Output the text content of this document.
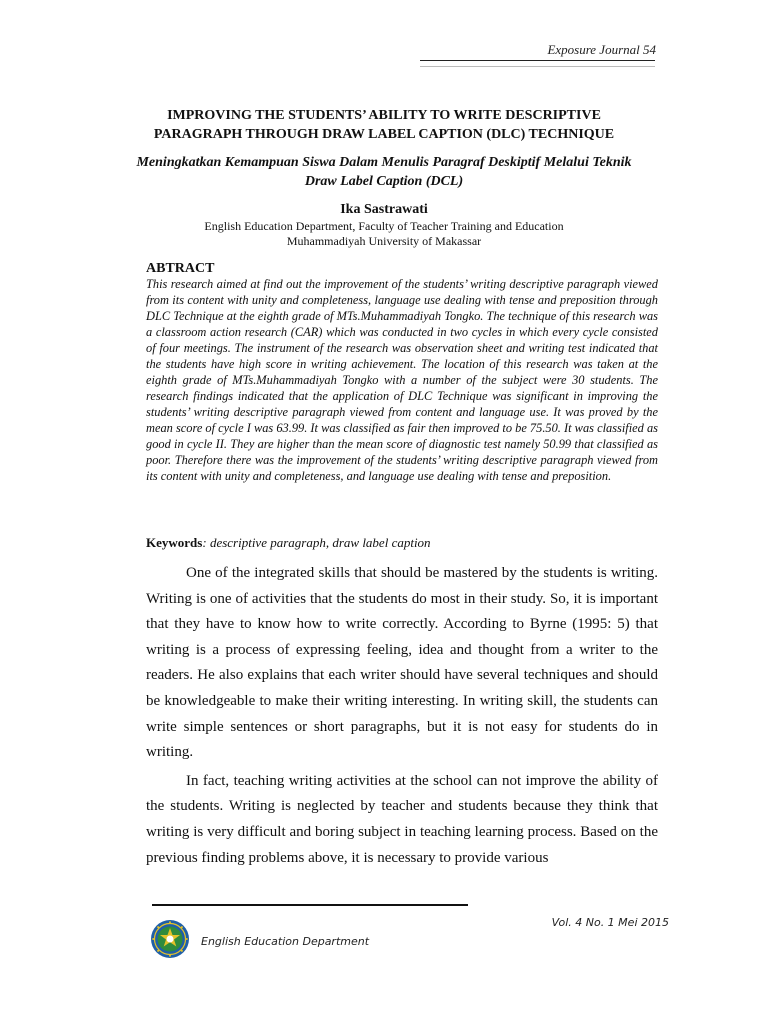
Exposure Journal 54
IMPROVING THE STUDENTS’ ABILITY TO WRITE DESCRIPTIVE
PARAGRAPH THROUGH DRAW LABEL CAPTION (DLC) TECHNIQUE
Meningkatkan Kemampuan Siswa Dalam Menulis Paragraf Deskiptif Melalui Teknik
Draw Label Caption (DCL)
Ika Sastrawati
English Education Department, Faculty of Teacher Training and Education
Muhammadiyah University of Makassar
ABTRACT

This research aimed at find out the improvement of the students’ writing descriptive paragraph viewed from its content with unity and completeness, language use dealing with tense and preposition through DLC Technique at the eighth grade of MTs.Muhammadiyah Tongko. The technique of this research was a classroom action research (CAR) which was conducted in two cycles in which every cycle consisted of four meetings. The instrument of the research was observation sheet and writing test indicated that the students have high score in writing achievement. The location of this research was taken at the eighth grade of MTs.Muhammadiyah Tongko with a number of the subject were 30 students. The research findings indicated that the application of DLC Technique was significant in improving the students’ writing descriptive paragraph viewed from content and language use. It was proved by the mean score of cycle I was 63.99. It was classified as fair then improved to be 75.50. It was classified as good in cycle II. They are higher than the mean score of diagnostic test namely 50.99 that classified as poor. Therefore there was the improvement of the students’ writing descriptive paragraph viewed from its content with unity and completeness, and language use dealing with tense and preposition.

Keywords: descriptive paragraph, draw label caption

One of the integrated skills that should be mastered by the students is writing. Writing is one of activities that the students do most in their study. So, it is important that they have to know how to write correctly. According to Byrne (1995: 5) that writing is a process of expressing feeling, idea and thought from a writer to the readers. He also explains that each writer should have several techniques and should be knowledgeable to make their writing interesting. In writing skill, the students can write simple sentences or short paragraphs, but it is not easy for students do in writing.

In fact, teaching writing activities at the school can not improve the ability of the students. Writing is neglected by teacher and students because they think that writing is very difficult and boring subject in teaching learning process. Based on the previous finding problems above, it is necessary to provide various

Vol. 4 No. 1 Mei 2015
English Education Department
